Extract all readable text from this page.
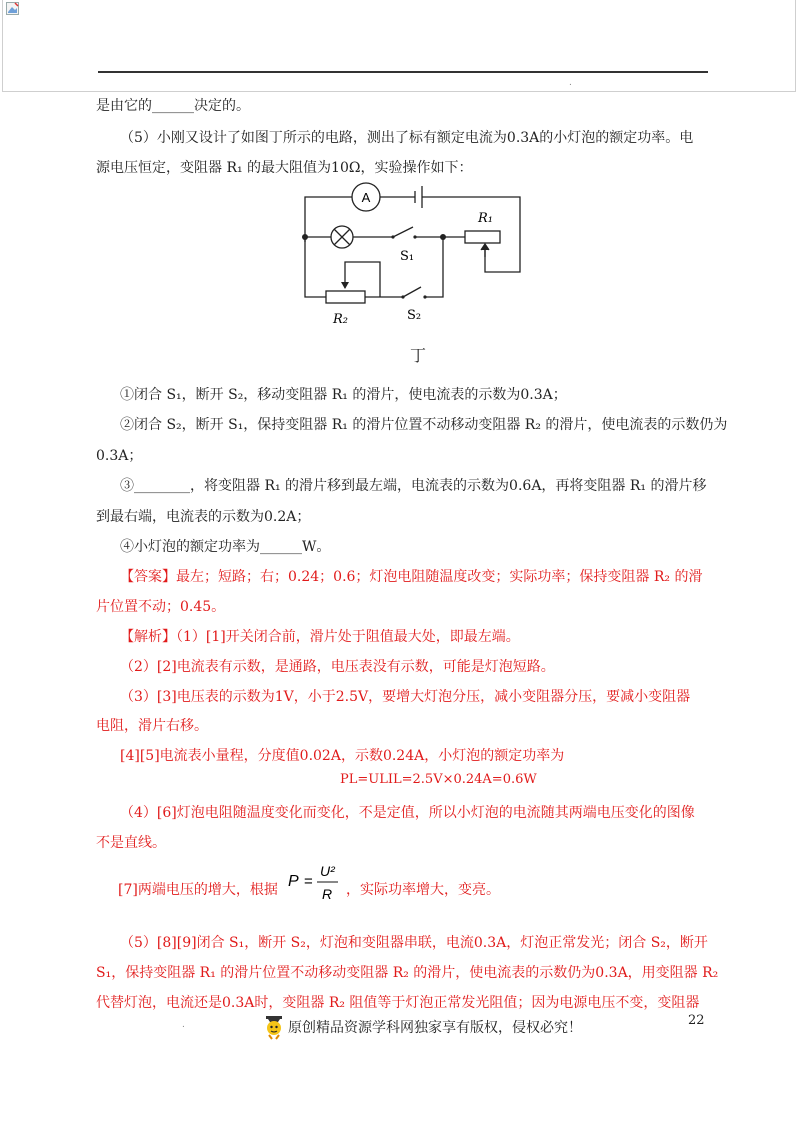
.
是由它的______决定的。
（5）小刚又设计了如图丁所示的电路，测出了标有额定电流为0.3A的小灯泡的额定功率。电
源电压恒定，变阻器 R₁ 的最大阻值为10Ω，实验操作如下：
A
R₁
R₂
S₁
S₂
丁
①闭合 S₁，断开 S₂，移动变阻器 R₁ 的滑片，使电流表的示数为0.3A；
②闭合 S₂，断开 S₁，保持变阻器 R₁ 的滑片位置不动移动变阻器 R₂ 的滑片，使电流表的示数仍为
0.3A；
③________，将变阻器 R₁ 的滑片移到最左端，电流表的示数为0.6A，再将变阻器 R₁ 的滑片移
到最右端，电流表的示数为0.2A；
④小灯泡的额定功率为______W。
【答案】最左；短路；右；0.24；0.6；灯泡电阻随温度改变；实际功率；保持变阻器 R₂ 的滑
片位置不动；0.45。
【解析】（1）[1]开关闭合前，滑片处于阻值最大处，即最左端。
（2）[2]电流表有示数，是通路，电压表没有示数，可能是灯泡短路。
（3）[3]电压表的示数为1V，小于2.5V，要增大灯泡分压，减小变阻器分压，要减小变阻器
电阻，滑片右移。
[4][5]电流表小量程，分度值0.02A，示数0.24A，小灯泡的额定功率为
PL=ULIL=2.5V×0.24A=0.6W
（4）[6]灯泡电阻随温度变化而变化，不是定值，所以小灯泡的电流随其两端电压变化的图像
不是直线。
[7]两端电压的增大，根据 P =
U²
R ，实际功率增大，变亮。
（5）[8][9]闭合 S₁，断开 S₂，灯泡和变阻器串联，电流0.3A，灯泡正常发光；闭合 S₂，断开
S₁，保持变阻器 R₁ 的滑片位置不动移动变阻器 R₂ 的滑片，使电流表的示数仍为0.3A，用变阻器 R₂
代替灯泡，电流还是0.3A时，变阻器 R₂ 阻值等于灯泡正常发光阻值；因为电源电压不变，变阻器
22
.	原创精品资源学科网独家享有版权，侵权必究！
